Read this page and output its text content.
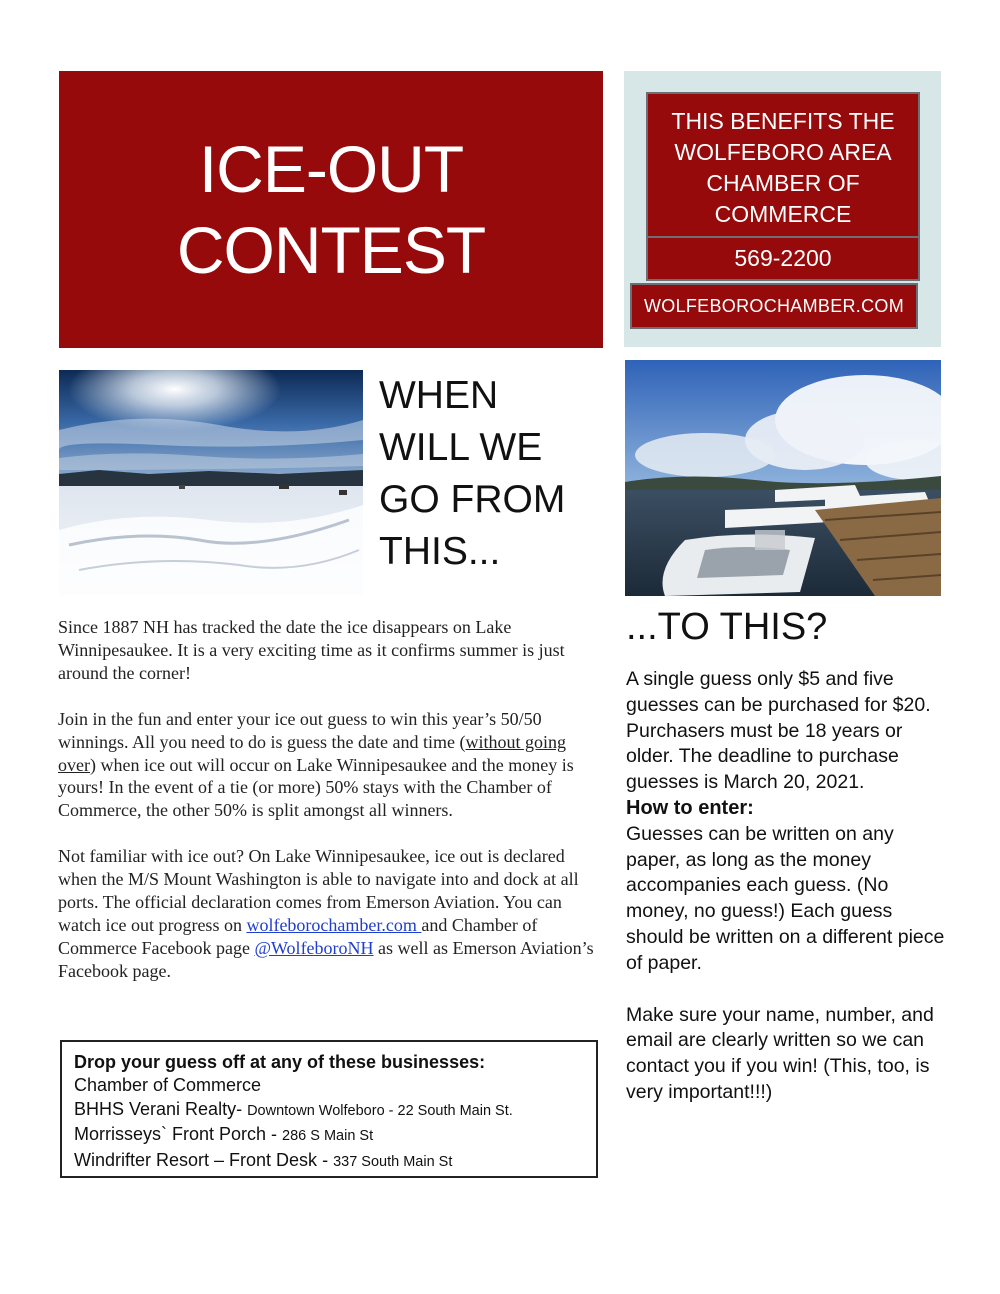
ICE-OUT
CONTEST
THIS BENEFITS THE
WOLFEBORO AREA
CHAMBER OF
COMMERCE
569-2200
WOLFEBOROCHAMBER.COM
WHEN
WILL WE
GO FROM
THIS...
...TO THIS?

Since 1887 NH has tracked the date the ice disappears on Lake Winnipesaukee. It is a very exciting time as it confirms summer is just around the corner!

Join in the fun and enter your ice out guess to win this year’s 50/50 winnings. All you need to do is guess the date and time (without going over) when ice out will occur on Lake Winnipesaukee and the money is yours! In the event of a tie (or more) 50% stays with the Chamber of Commerce, the other 50% is split amongst all winners.

Not familiar with ice out? On Lake Winnipesaukee, ice out is declared when the M/S Mount Washington is able to navigate into and dock at all ports. The official declaration comes from Emerson Aviation. You can watch ice out progress on wolfeborochamber.com and Chamber of Commerce Facebook page @WolfeboroNH as well as Emerson Aviation’s Facebook page.

Drop your guess off at any of these businesses:
Chamber of Commerce
BHHS Verani Realty- Downtown Wolfeboro - 22 South Main St.
Morrisseys` Front Porch - 286 S Main St
Windrifter Resort – Front Desk - 337 South Main St

A single guess only $5 and five guesses can be purchased for $20. Purchasers must be 18 years or older. The deadline to purchase guesses is March 20, 2021.

How to enter:

Guesses can be written on any paper, as long as the money accompanies each guess. (No money, no guess!) Each guess should be written on a different piece of paper.

Make sure your name, number, and email are clearly written so we can contact you if you win! (This, too, is very important!!!)
